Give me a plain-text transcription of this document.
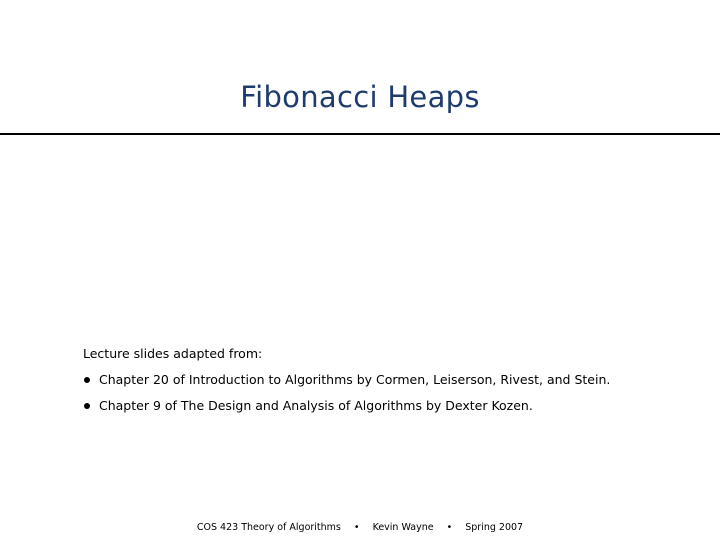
Fibonacci Heaps
Lecture slides adapted from:
Chapter 20 of Introduction to Algorithms by Cormen, Leiserson, Rivest, and Stein.
Chapter 9 of The Design and Analysis of Algorithms by Dexter Kozen.
COS 423 Theory of Algorithms • Kevin Wayne • Spring 2007
